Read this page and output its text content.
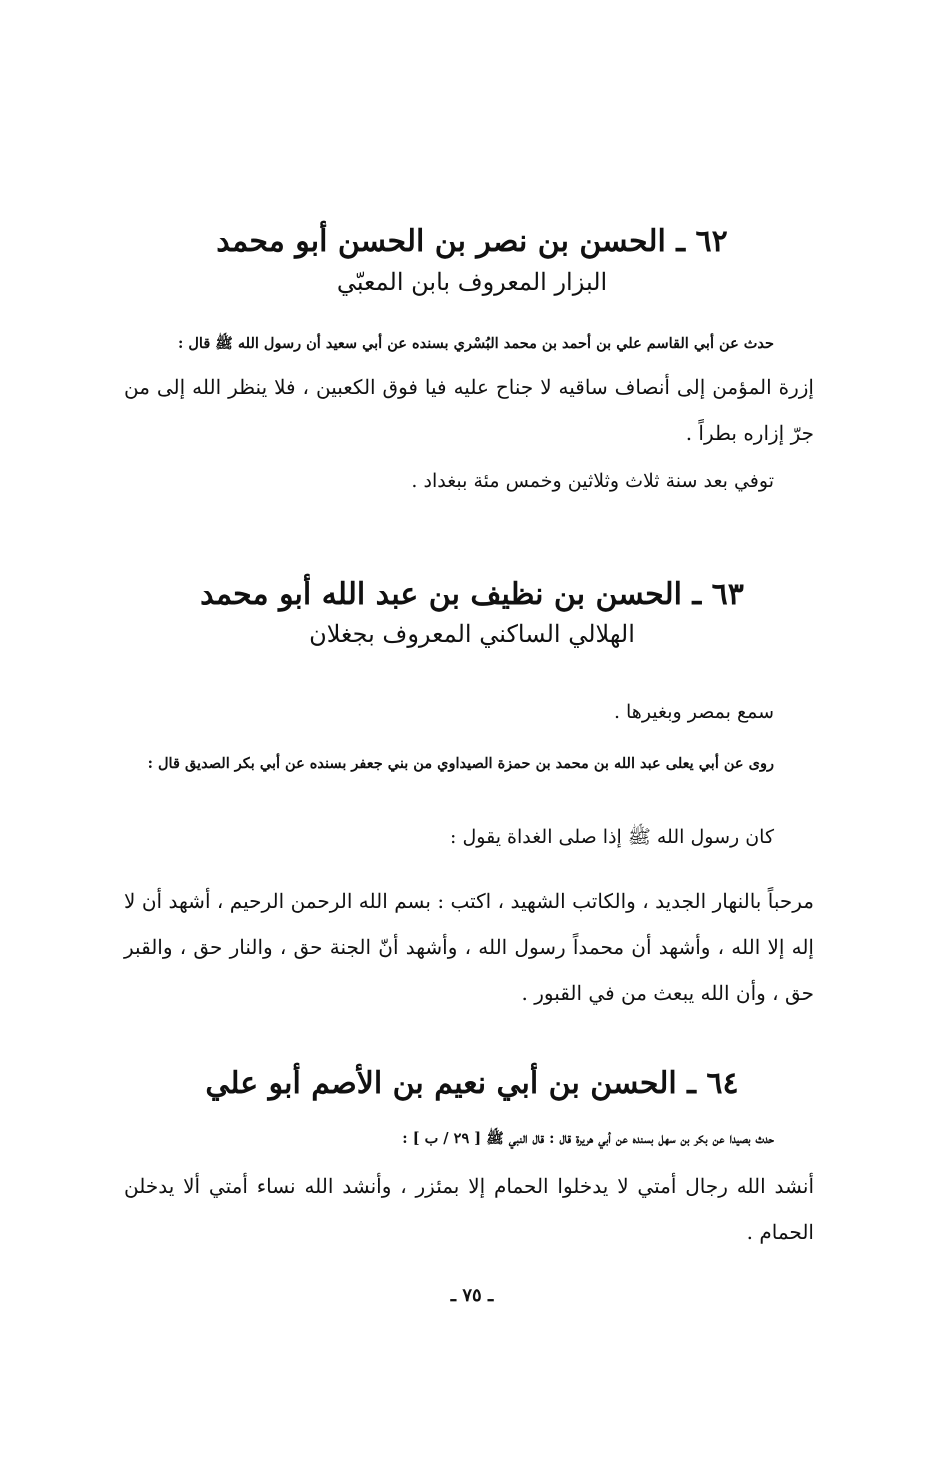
٦٢ ـ الحسن بن نصر بن الحسن أبو محمد
البزار المعروف بابن المعبّي
حدث عن أبي القاسم علي بن أحمد بن محمد البُسْري بسنده عن أبي سعيد أن رسول الله ﷺ قال :
إزرة المؤمن إلى أنصاف ساقيه لا جناح عليه فيا فوق الكعبين ، فلا ينظر الله إلى من جرّ إزاره بطراً .
توفي بعد سنة ثلاث وثلاثين وخمس مئة ببغداد .
٦٣ ـ الحسن بن نظيف بن عبد الله أبو محمد
الهلالي الساكني المعروف بجغلان
سمع بمصر وبغيرها .
روى عن أبي يعلى عبد الله بن محمد بن حمزة الصيداوي من بني جعفر بسنده عن أبي بكر الصديق قال :
كان رسول الله ﷺ إذا صلى الغداة يقول :
مرحباً بالنهار الجديد ، والكاتب الشهيد ، اكتب : بسم الله الرحمن الرحيم ، أشهد أن لا إله إلا الله ، وأشهد أن محمداً رسول الله ، وأشهد أنّ الجنة حق ، والنار حق ، والقبر حق ، وأن الله يبعث من في القبور .
٦٤ ـ الحسن بن أبي نعيم بن الأصم أبو علي
حدث بصيدا عن بكر بن سهل بسنده عن أبي هريرة قال : قال النبي ﷺ [ ٢٩ / ب ] :
أنشد الله رجال أمتي لا يدخلوا الحمام إلا بمئزر ، وأنشد الله نساء أمتي ألا يدخلن الحمام .
ـ ٧٥ ـ
